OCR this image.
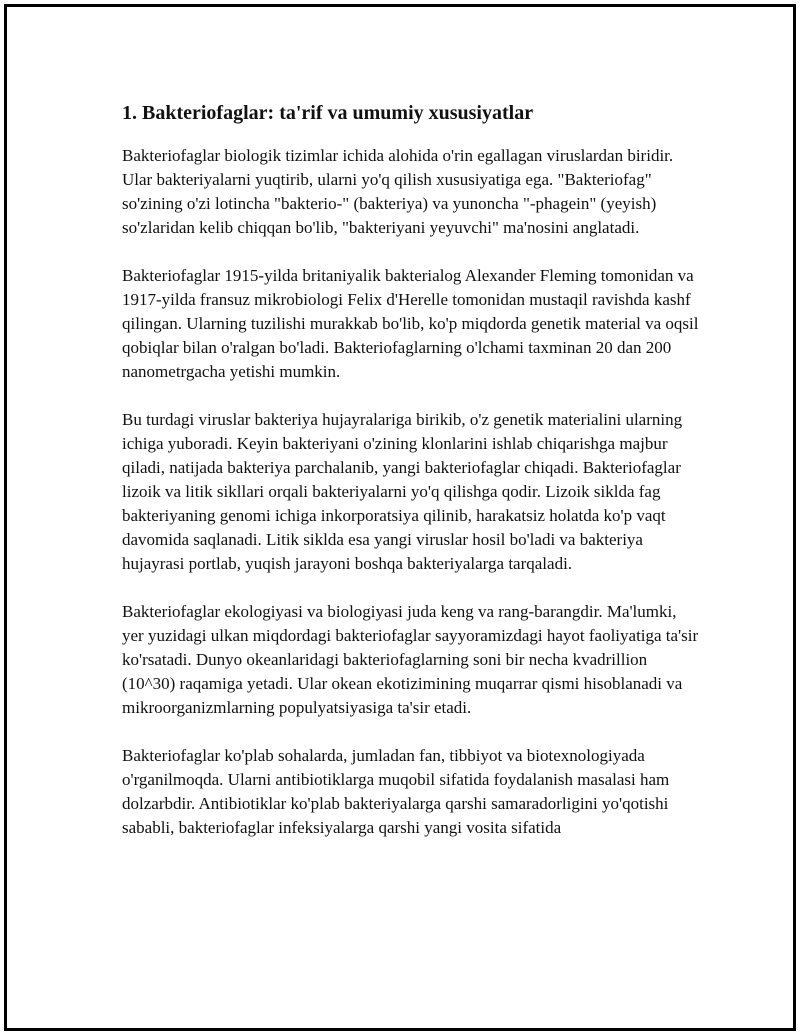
1. Bakteriofaglar: ta'rif va umumiy xususiyatlar

Bakteriofaglar biologik tizimlar ichida alohida o'rin egallagan viruslardan biridir. Ular bakteriyalarni yuqtirib, ularni yo'q qilish xususiyatiga ega. "Bakteriofag" so'zining o'zi lotincha "bakterio-" (bakteriya) va yunoncha "-phagein" (yeyish) so'zlaridan kelib chiqqan bo'lib, "bakteriyani yeyuvchi" ma'nosini anglatadi.

Bakteriofaglar 1915-yilda britaniyalik bakterialog Alexander Fleming tomonidan va 1917-yilda fransuz mikrobiologi Felix d'Herelle tomonidan mustaqil ravishda kashf qilingan. Ularning tuzilishi murakkab bo'lib, ko'p miqdorda genetik material va oqsil qobiqlar bilan o'ralgan bo'ladi. Bakteriofaglarning o'lchami taxminan 20 dan 200 nanometrgacha yetishi mumkin.

Bu turdagi viruslar bakteriya hujayralariga birikib, o'z genetik materialini ularning ichiga yuboradi. Keyin bakteriyani o'zining klonlarini ishlab chiqarishga majbur qiladi, natijada bakteriya parchalanib, yangi bakteriofaglar chiqadi. Bakteriofaglar lizoik va litik sikllari orqali bakteriyalarni yo'q qilishga qodir. Lizoik siklda fag bakteriyaning genomi ichiga inkorporatsiya qilinib, harakatsiz holatda ko'p vaqt davomida saqlanadi. Litik siklda esa yangi viruslar hosil bo'ladi va bakteriya hujayrasi portlab, yuqish jarayoni boshqa bakteriyalarga tarqaladi.

Bakteriofaglar ekologiyasi va biologiyasi juda keng va rang-barangdir. Ma'lumki, yer yuzidagi ulkan miqdordagi bakteriofaglar sayyoramizdagi hayot faoliyatiga ta'sir ko'rsatadi. Dunyo okeanlaridagi bakteriofaglarning soni bir necha kvadrillion (10^30) raqamiga yetadi. Ular okean ekotizimining muqarrar qismi hisoblanadi va mikroorganizmlarning populyatsiyasiga ta'sir etadi.

Bakteriofaglar ko'plab sohalarda, jumladan fan, tibbiyot va biotexnologiyada o'rganilmoqda. Ularni antibiotiklarga muqobil sifatida foydalanish masalasi ham dolzarbdir. Antibiotiklar ko'plab bakteriyalarga qarshi samaradorligini yo'qotishi sababli, bakteriofaglar infeksiyalarga qarshi yangi vosita sifatida
